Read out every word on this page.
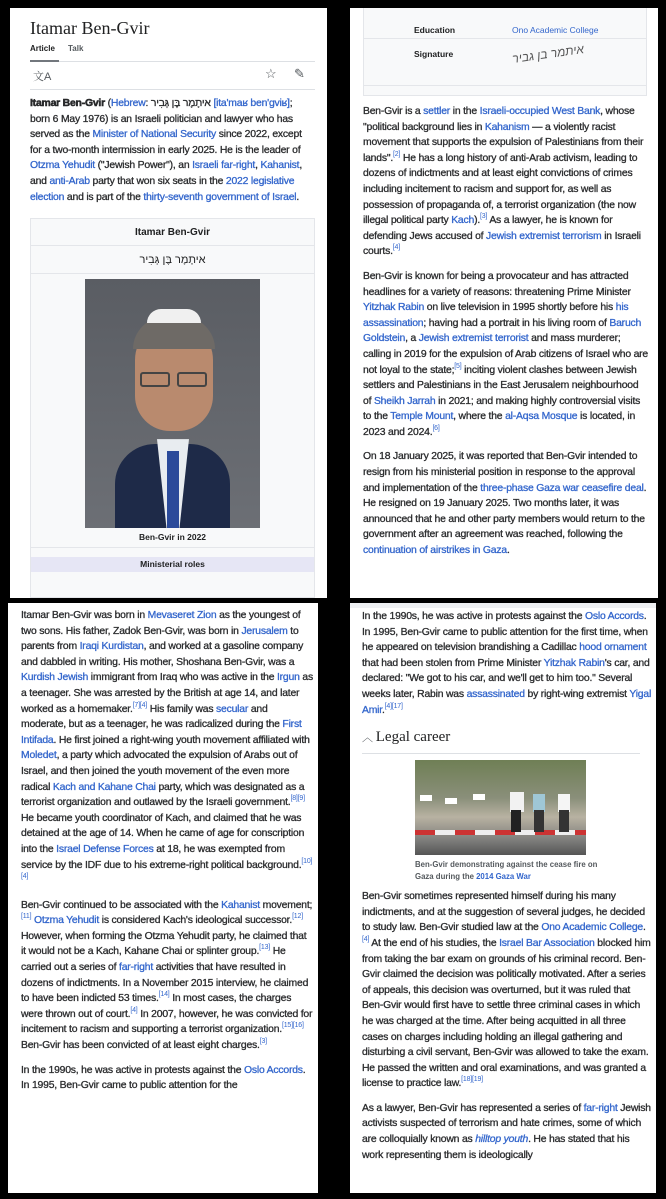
Itamar Ben-Gvir
Article Talk
文A	☆ ✎
Itamar Ben-Gvir (Hebrew: איתָמָר בֶּן גְּבִיר [ita'maʁ ben'gviʁ]; born 6 May 1976) is an Israeli politician and lawyer who has served as the Minister of National Security since 2022, except for a two-month intermission in early 2025. He is the leader of Otzma Yehudit ("Jewish Power"), an Israeli far-right, Kahanist, and anti-Arab party that won six seats in the 2022 legislative election and is part of the thirty-seventh government of Israel.
Itamar Ben-Gvir
איתָמָר בֶּן גְּבִיר
Ben-Gvir in 2022
Ministerial roles
Education	Ono Academic College
Signature	איתמר בן גביר
Ben-Gvir is a settler in the Israeli-occupied West Bank, whose "political background lies in Kahanism — a violently racist movement that supports the expulsion of Palestinians from their lands".[2] He has a long history of anti-Arab activism, leading to dozens of indictments and at least eight convictions of crimes including incitement to racism and support for, as well as possession of propaganda of, a terrorist organization (the now illegal political party Kach).[3] As a lawyer, he is known for defending Jews accused of Jewish extremist terrorism in Israeli courts.[4]
Ben-Gvir is known for being a provocateur and has attracted headlines for a variety of reasons: threatening Prime Minister Yitzhak Rabin on live television in 1995 shortly before his his assassination; having had a portrait in his living room of Baruch Goldstein, a Jewish extremist terrorist and mass murderer; calling in 2019 for the expulsion of Arab citizens of Israel who are not loyal to the state;[5] inciting violent clashes between Jewish settlers and Palestinians in the East Jerusalem neighbourhood of Sheikh Jarrah in 2021; and making highly controversial visits to the Temple Mount, where the al-Aqsa Mosque is located, in 2023 and 2024.[6]
On 18 January 2025, it was reported that Ben-Gvir intended to resign from his ministerial position in response to the approval and implementation of the three-phase Gaza war ceasefire deal. He resigned on 19 January 2025. Two months later, it was announced that he and other party members would return to the government after an agreement was reached, following the continuation of airstrikes in Gaza.
Itamar Ben-Gvir was born in Mevaseret Zion as the youngest of two sons. His father, Zadok Ben-Gvir, was born in Jerusalem to parents from Iraqi Kurdistan, and worked at a gasoline company and dabbled in writing. His mother, Shoshana Ben-Gvir, was a Kurdish Jewish immigrant from Iraq who was active in the Irgun as a teenager. She was arrested by the British at age 14, and later worked as a homemaker.[7][4] His family was secular and moderate, but as a teenager, he was radicalized during the First Intifada. He first joined a right-wing youth movement affiliated with Moledet, a party which advocated the expulsion of Arabs out of Israel, and then joined the youth movement of the even more radical Kach and Kahane Chai party, which was designated as a terrorist organization and outlawed by the Israeli government.[8][9] He became youth coordinator of Kach, and claimed that he was detained at the age of 14. When he came of age for conscription into the Israel Defense Forces at 18, he was exempted from service by the IDF due to his extreme-right political background.[10][4]
Ben-Gvir continued to be associated with the Kahanist movement;[11] Otzma Yehudit is considered Kach's ideological successor.[12] However, when forming the Otzma Yehudit party, he claimed that it would not be a Kach, Kahane Chai or splinter group.[13] He carried out a series of far-right activities that have resulted in dozens of indictments. In a November 2015 interview, he claimed to have been indicted 53 times.[14] In most cases, the charges were thrown out of court.[4] In 2007, however, he was convicted for incitement to racism and supporting a terrorist organization.[15][16] Ben-Gvir has been convicted of at least eight charges.[3]
In the 1990s, he was active in protests against the Oslo Accords. In 1995, Ben-Gvir came to public attention for the
In the 1990s, he was active in protests against the Oslo Accords. In 1995, Ben-Gvir came to public attention for the first time, when he appeared on television brandishing a Cadillac hood ornament that had been stolen from Prime Minister Yitzhak Rabin's car, and declared: "We got to his car, and we'll get to him too." Several weeks later, Rabin was assassinated by right-wing extremist Yigal Amir.[4][17]
︿ Legal career
Ben-Gvir demonstrating against the cease fire on Gaza during the 2014 Gaza War
Ben-Gvir sometimes represented himself during his many indictments, and at the suggestion of several judges, he decided to study law. Ben-Gvir studied law at the Ono Academic College.[4] At the end of his studies, the Israel Bar Association blocked him from taking the bar exam on grounds of his criminal record. Ben-Gvir claimed the decision was politically motivated. After a series of appeals, this decision was overturned, but it was ruled that Ben-Gvir would first have to settle three criminal cases in which he was charged at the time. After being acquitted in all three cases on charges including holding an illegal gathering and disturbing a civil servant, Ben-Gvir was allowed to take the exam. He passed the written and oral examinations, and was granted a license to practice law.[18][19]
As a lawyer, Ben-Gvir has represented a series of far-right Jewish activists suspected of terrorism and hate crimes, some of which are colloquially known as hilltop youth. He has stated that his work representing them is ideologically
